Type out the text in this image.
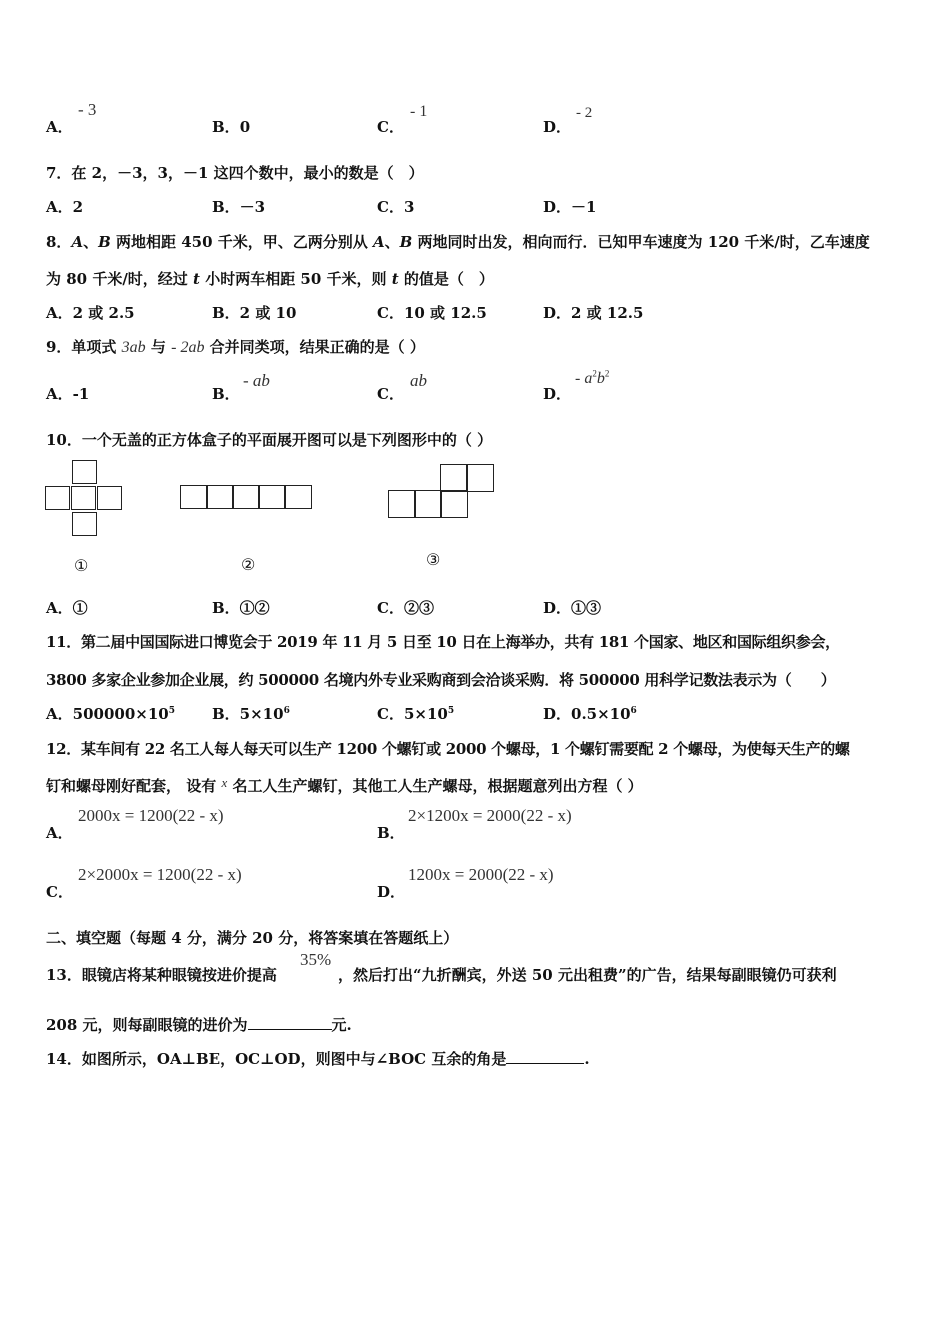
A．
- 3
B．0	C．
- 1
D．
- 2
7．在 2，－3，3，－1 这四个数中，最小的数是（　）
A．2	B．－3	C．3	D．－1
8．A、B 两地相距 450 千米，甲、乙两分别从 A、B 两地同时出发，相向而行．已知甲车速度为 120 千米/时，乙车速度
为 80 千米/时，经过 t 小时两车相距 50 千米，则 t 的值是（　）
A．2 或 2.5	B．2 或 10	C．10 或 12.5	D．2 或 12.5
9．单项式 3ab 与 - 2ab 合并同类项，结果正确的是（ ）
A．-1	B．
- ab
C．
ab
D．
- $a^2b^2$
10．一个无盖的正方体盒子的平面展开图可以是下列图形中的（ ）
①	②	③
A．①	B．①②	C．②③	D．①③
11．第二届中国国际进口博览会于 2019 年 11 月 5 日至 10 日在上海举办，共有 181 个国家、地区和国际组织参会，
3800 多家企业参加企业展，约 500000 名境内外专业采购商到会洽谈采购．将 500000 用科学记数法表示为（　　）
A．$500000\times 10^5$ B．$5\times 10^6$	C．$5\times 10^5$	D．$0.5\times 10^6$
12．某车间有 22 名工人每人每天可以生产 1200 个螺钉或 2000 个螺母，1 个螺钉需要配 2 个螺母，为使每天生产的螺
钉和螺母刚好配套， 设有 x 名工人生产螺钉，其他工人生产螺母，根据题意列出方程（ ）
A．
2000x = 1200(22 - x)
B．
2×1200x = 2000(22 - x)
C．
2×2000x = 1200(22 - x)
D．
1200x = 2000(22 - x)
二、填空题（每题 4 分，满分 20 分，将答案填在答题纸上）
13．眼镜店将某种眼镜按进价提高
35%
，然后打出“九折酬宾，外送 50 元出租费”的广告，结果每副眼镜仍可获利
208 元，则每副眼镜的进价为	元.
14．如图所示，OA⊥BE，OC⊥OD，则图中与∠BOC 互余的角是	.
